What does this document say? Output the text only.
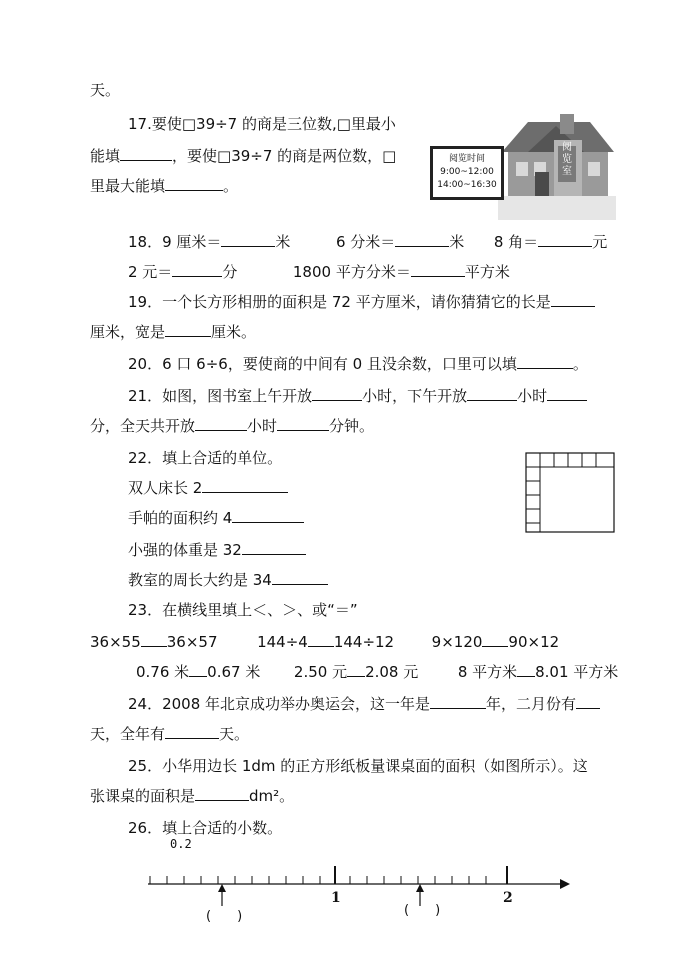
天。
17.要使□39÷7 的商是三位数,□里最小
能填	，要使□39÷7 的商是两位数，□
里最大能填	。
阅览室
阅览时间
9:00~12:00
14:00~16:30
18．9 厘米＝	米	6 分米＝	米 8 角＝	元
2 元＝	分	1800 平方分米＝	平方米
19．一个长方形相册的面积是 72 平方厘米，请你猜猜它的长是
厘米，宽是	厘米。
20．6 口 6÷6，要使商的中间有 0 且没余数，口里可以填	。
21．如图，图书室上午开放	小时，下午开放	小时
分，全天共开放	小时	分钟。
22．填上合适的单位。
双人床长 2
手帕的面积约 4
小强的体重是 32
教室的周长大约是 34
23．在横线里填上＜、＞、或“＝”
36×55 36×57	144÷4 144÷12	9×120 90×12
0.76 米 0.67 米 2.50 元 2.08 元	8 平方米 8.01 平方米
24．2008 年北京成功举办奥运会，这一年是	年，二月份有
天，全年有	天。
25．小华用边长 1dm 的正方形纸板量课桌面的面积（如图所示）。这
张课桌的面积是	dm²。
26．填上合适的小数。
0.2
1	2
(　　)	(　　)
